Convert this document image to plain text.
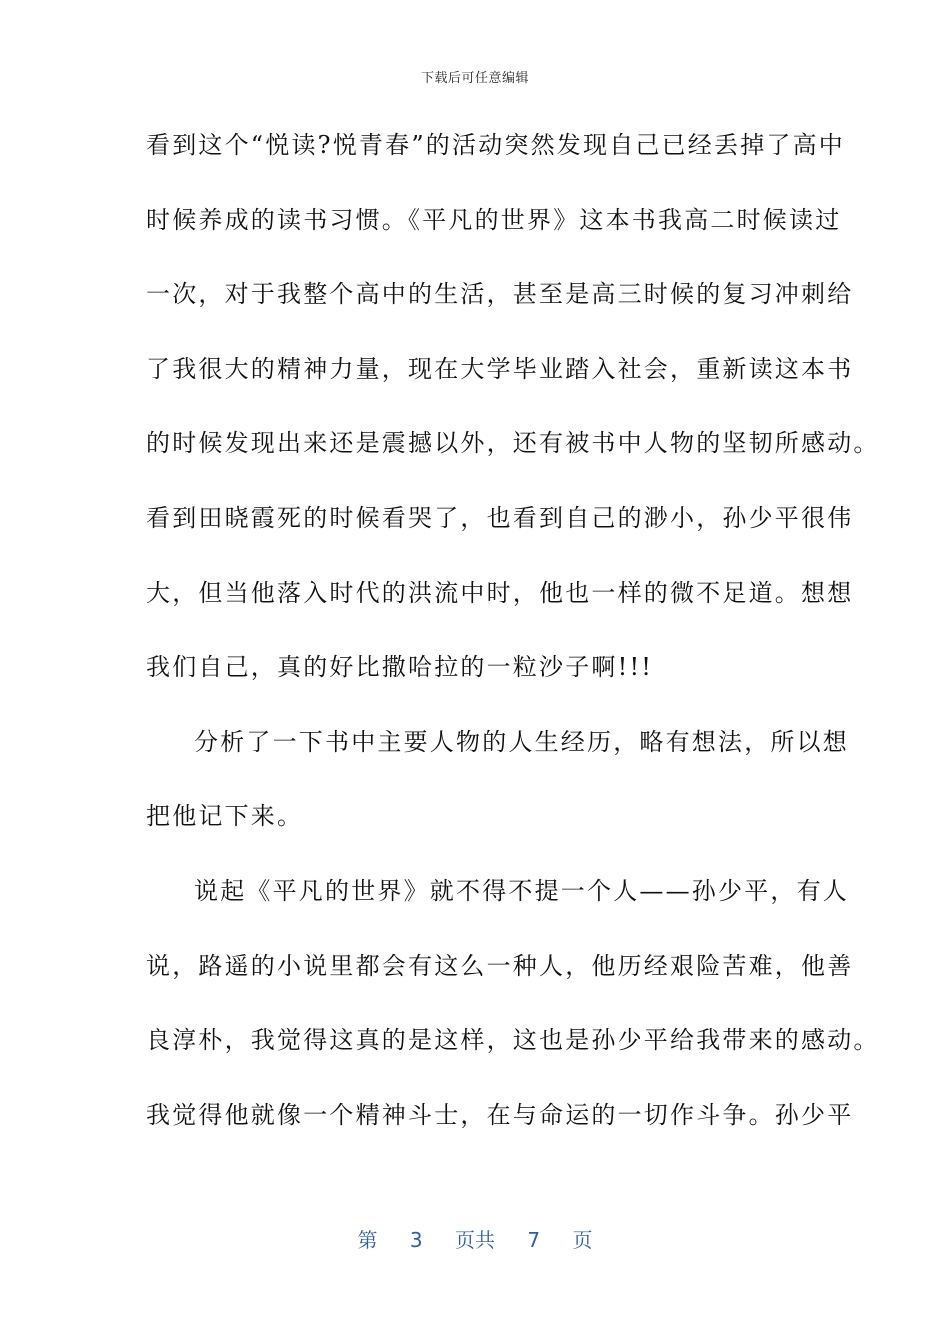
下载后可任意编辑
看到这个“悦读?悦青春”的活动突然发现自己已经丢掉了高中
时候养成的读书习惯。《平凡的世界》这本书我高二时候读过
一次，对于我整个高中的生活，甚至是高三时候的复习冲刺给
了我很大的精神力量，现在大学毕业踏入社会，重新读这本书
的时候发现出来还是震撼以外，还有被书中人物的坚韧所感动。
看到田晓霞死的时候看哭了，也看到自己的渺小，孙少平很伟
大，但当他落入时代的洪流中时，他也一样的微不足道。想想
我们自己，真的好比撒哈拉的一粒沙子啊!!!
分析了一下书中主要人物的人生经历，略有想法，所以想
把他记下来。
说起《平凡的世界》就不得不提一个人——孙少平，有人
说，路遥的小说里都会有这么一种人，他历经艰险苦难，他善
良淳朴，我觉得这真的是这样，这也是孙少平给我带来的感动。
我觉得他就像一个精神斗士，在与命运的一切作斗争。孙少平
第 3 页共 7 页
